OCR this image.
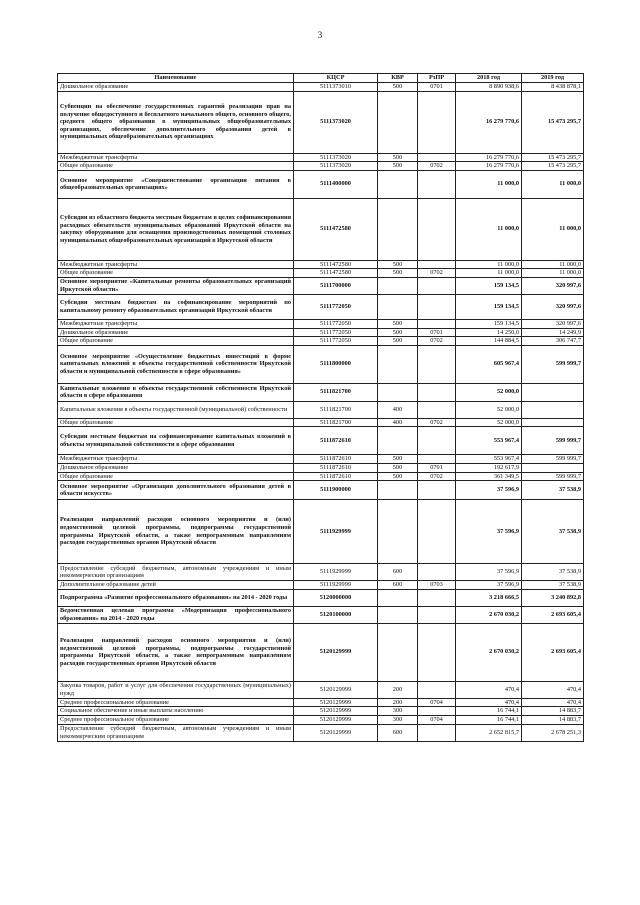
3
Наименование	КЦСР	КВР	РзПР	2018 год	2019 год
Дошкольное образование	5111373010	500	0701	8 890 938,6	8 438 878,1
Субвенции на обеспечение государственных гарантий реализации прав на получение общедоступного и бесплатного начального общего, основного общего, среднего общего образования в муниципальных общеобразовательных организациях, обеспечение дополнительного образования детей в муниципальных общеобразовательных организациях	5111373020			16 279 770,6	15 473 295,7
Межбюджетные трансферты	5111373020	500		16 279 770,6	15 473 295,7
Общее образование	5111373020	500	0702	16 279 770,6	15 473 295,7
Основное мероприятие «Совершенствование организации питания в общеобразовательных организациях»	5111400000			11 000,0	11 000,0
Субсидии из областного бюджета местным бюджетам в целях софинансирования расходных обязательств муниципальных образований Иркутской области на закупку оборудования для оснащения производственных помещений столовых муниципальных общеобразовательных организаций в Иркутской области	5111472580			11 000,0	11 000,0
Межбюджетные трансферты	5111472580	500		11 000,0	11 000,0
Общее образование	5111472580	500	0702	11 000,0	11 000,0
Основное мероприятие «Капитальные ремонты образовательных организаций Иркутской области»	5111700000			159 134,5	320 997,6
Субсидии местным бюджетам на софинансирование мероприятий по капитальному ремонту образовательных организаций Иркутской области	5111772050			159 134,5	320 997,6
Межбюджетные трансферты	5111772050	500		159 134,5	320 997,6
Дошкольное образование	5111772050	500	0701	14 250,0	14 249,9
Общее образование	5111772050	500	0702	144 884,5	306 747,7
Основное мероприятие «Осуществление бюджетных инвестиций в форме капитальных вложений в объекты государственной собственности Иркутской области и муниципальной собственности в сфере образования»	5111800000			605 967,4	599 999,7
Капитальные вложения в объекты государственной собственности Иркутской области в сфере образования	5111821700			52 000,0	
Капитальные вложения в объекты государственной (муниципальной) собственности	5111821700	400		52 000,0	
Общее образование	5111821700	400	0702	52 000,0	
Субсидии местным бюджетам на софинансирование капитальных вложений в объекты муниципальной собственности в сфере образования	5111872610			553 967,4	599 999,7
Межбюджетные трансферты	5111872610	500		553 967,4	599 999,7
Дошкольное образование	5111872610	500	0701	192 617,9	
Общее образование	5111872610	500	0702	361 349,5	599 999,7
Основное мероприятие «Организация дополнительного образования детей в области искусств»	5111900000			37 596,9	37 538,9
Реализация направлений расходов основного мероприятия и (или) ведомственной целевой программы, подпрограммы государственной программы Иркутской области, а также непрограммным направлениям расходов государственных органов Иркутской области	5111929999			37 596,9	37 538,9
Предоставление субсидий бюджетным, автономным учреждениям и иным некоммерческим организациям	5111929999	600		37 596,9	37 538,9
Дополнительное образование детей	5111929999	600	0703	37 596,9	37 538,9
Подпрограмма «Развитие профессионального образования» на 2014 - 2020 годы	5120000000			3 218 666,5	3 240 892,8
Ведомственная целевая программа «Модернизация профессионального образования» на 2014 - 2020 годы	5120100000			2 670 030,2	2 693 605,4
Реализация направлений расходов основного мероприятия и (или) ведомственной целевой программы, подпрограммы государственной программы Иркутской области, а также непрограммным направлениям расходов государственных органов Иркутской области	5120129999			2 670 030,2	2 693 605,4
Закупка товаров, работ и услуг для обеспечения государственных (муниципальных) нужд	5120129999	200		470,4	470,4
Среднее профессиональное образование	5120129999	200	0704	470,4	470,4
Социальное обеспечение и иные выплаты населению	5120129999	300		16 744,1	14 883,7
Среднее профессиональное образование	5120129999	300	0704	16 744,1	14 883,7
Предоставление субсидий бюджетным, автономным учреждениям и иным некоммерческим организациям	5120129999	600		2 652 815,7	2 678 251,3
